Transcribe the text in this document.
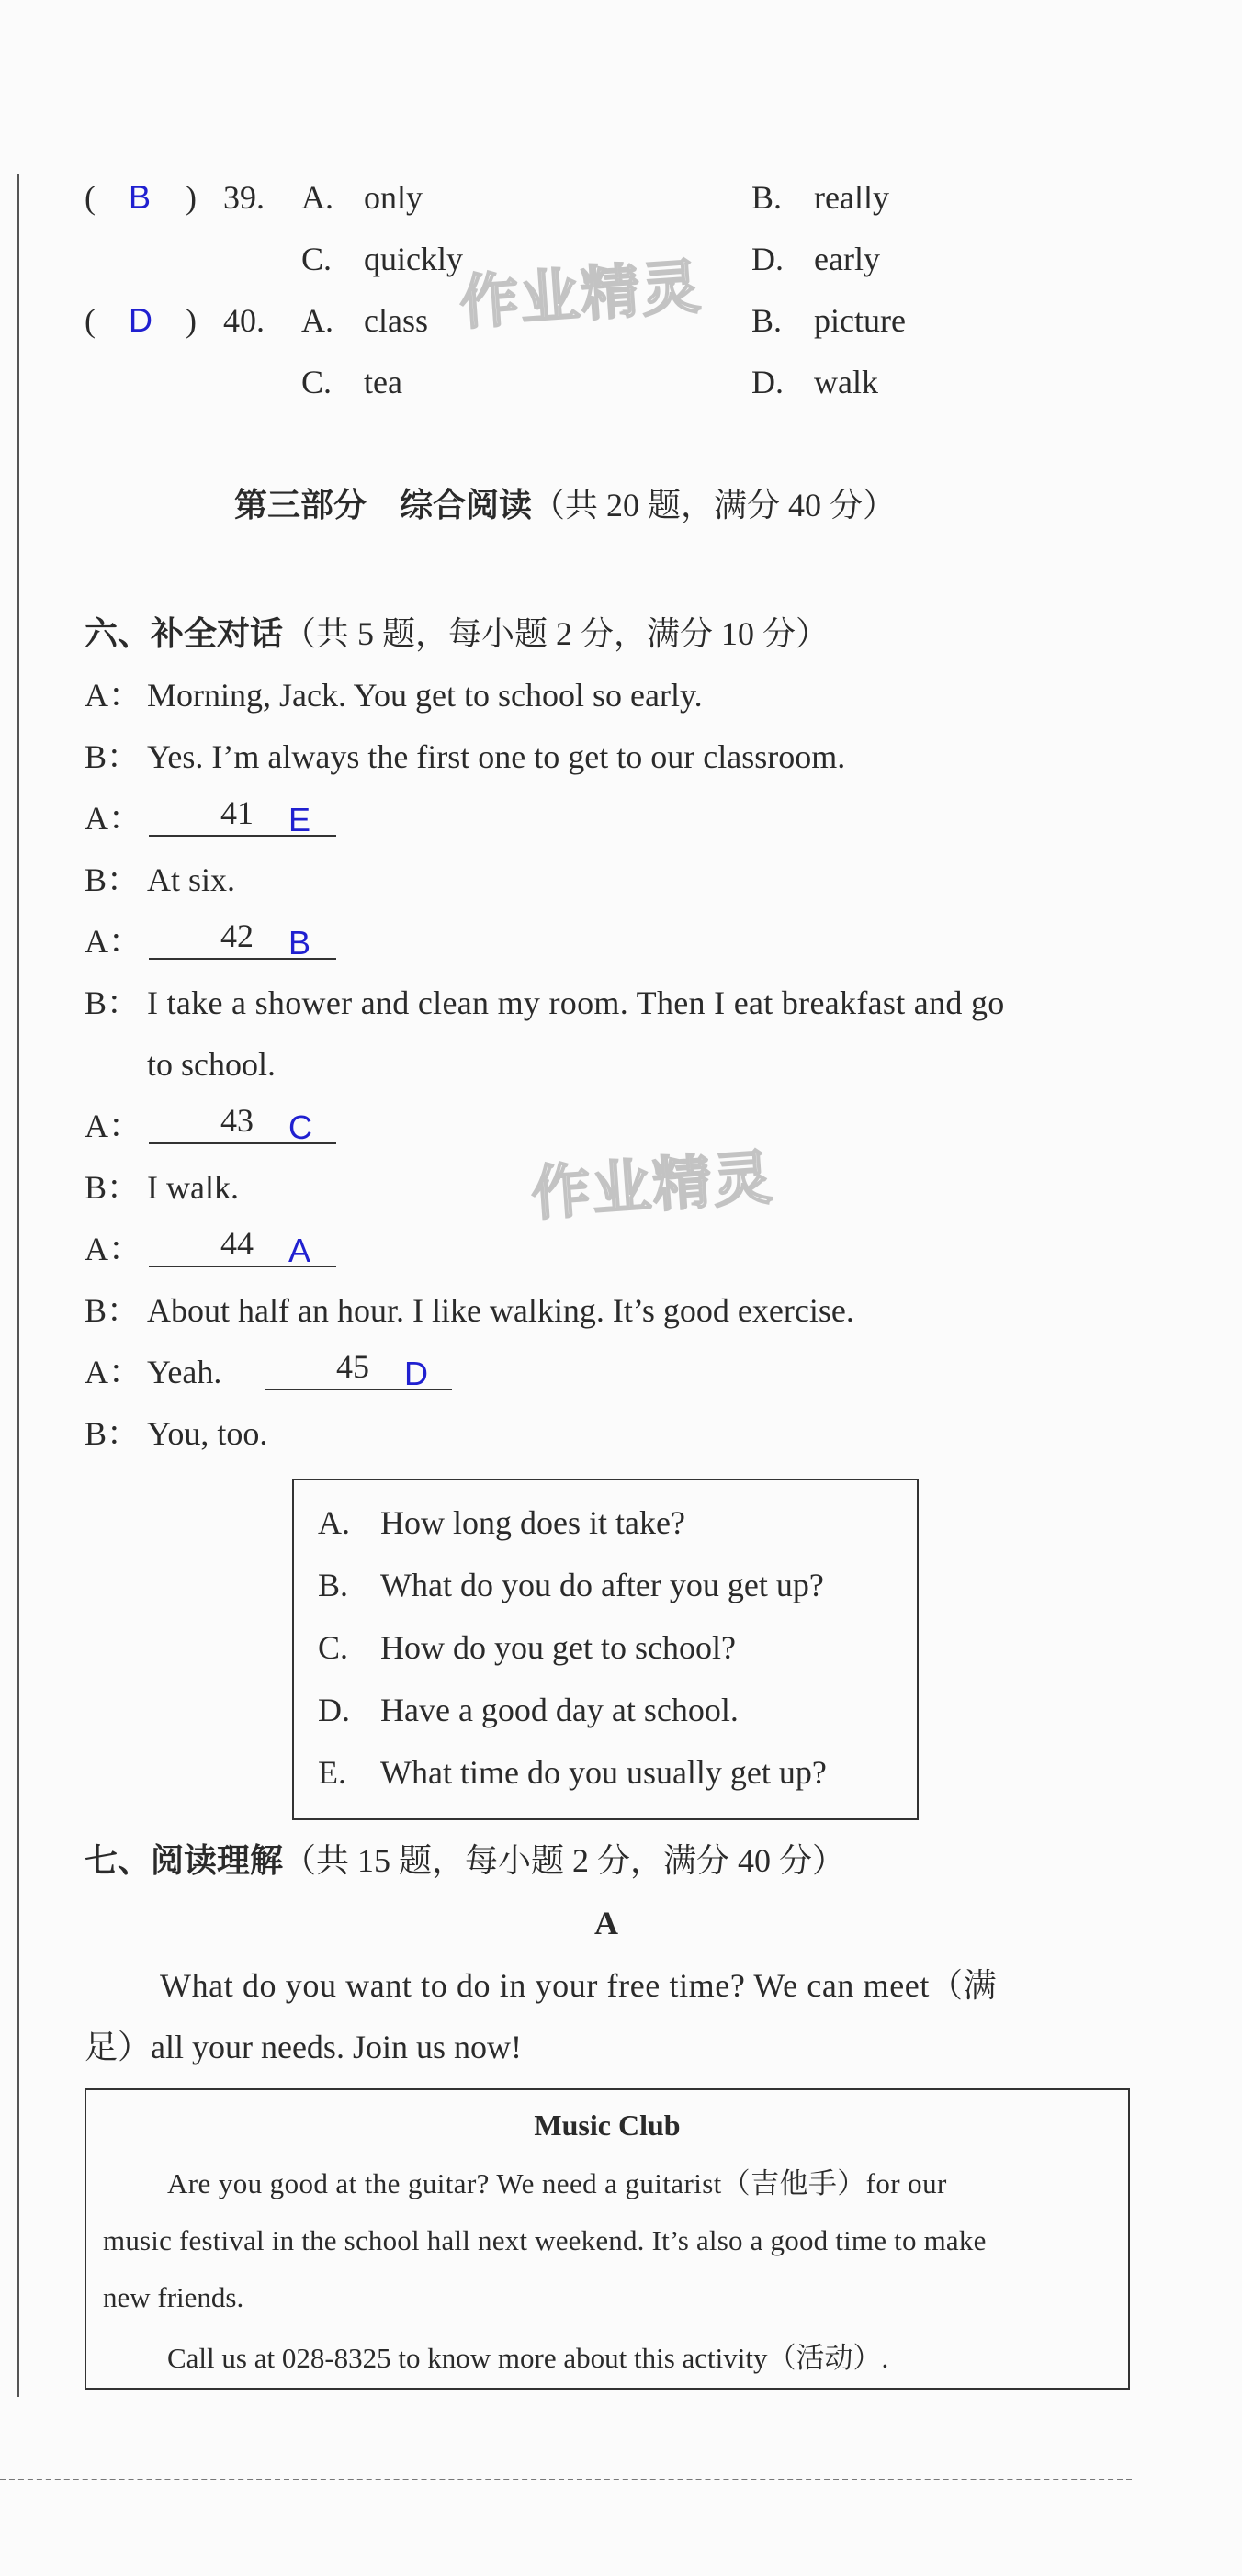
( B ) 39. A. only	B. really
C. quickly	D. early
( D ) 40. A. class	B. picture
C. tea	D. walk
作业精灵
第三部分　综合阅读（共 20 题，满分 40 分）
六、补全对话（共 5 题，每小题 2 分，满分 10 分）
A： Morning, Jack. You get to school so early.
B： Yes. I’m always the first one to get to our classroom.
A： 41 E
B： At six.
A： 42 B
B： I take a shower and clean my room. Then I eat breakfast and go
to school.
A： 43 C
B： I walk.
A： 44 A
B： About half an hour. I like walking. It’s good exercise.
A： Yeah.	45 D
B： You, too.
作业精灵
A. How long does it take?
B. What do you do after you get up?
C. How do you get to school?
D. Have a good day at school.
E. What time do you usually get up?
七、阅读理解（共 15 题，每小题 2 分，满分 40 分）
A
What do you want to do in your free time? We can meet（满
足）all your needs. Join us now!
Music Club
Are you good at the guitar? We need a guitarist（吉他手）for our
music festival in the school hall next weekend. It’s also a good time to make
new friends.
Call us at 028-8325 to know more about this activity（活动）.
